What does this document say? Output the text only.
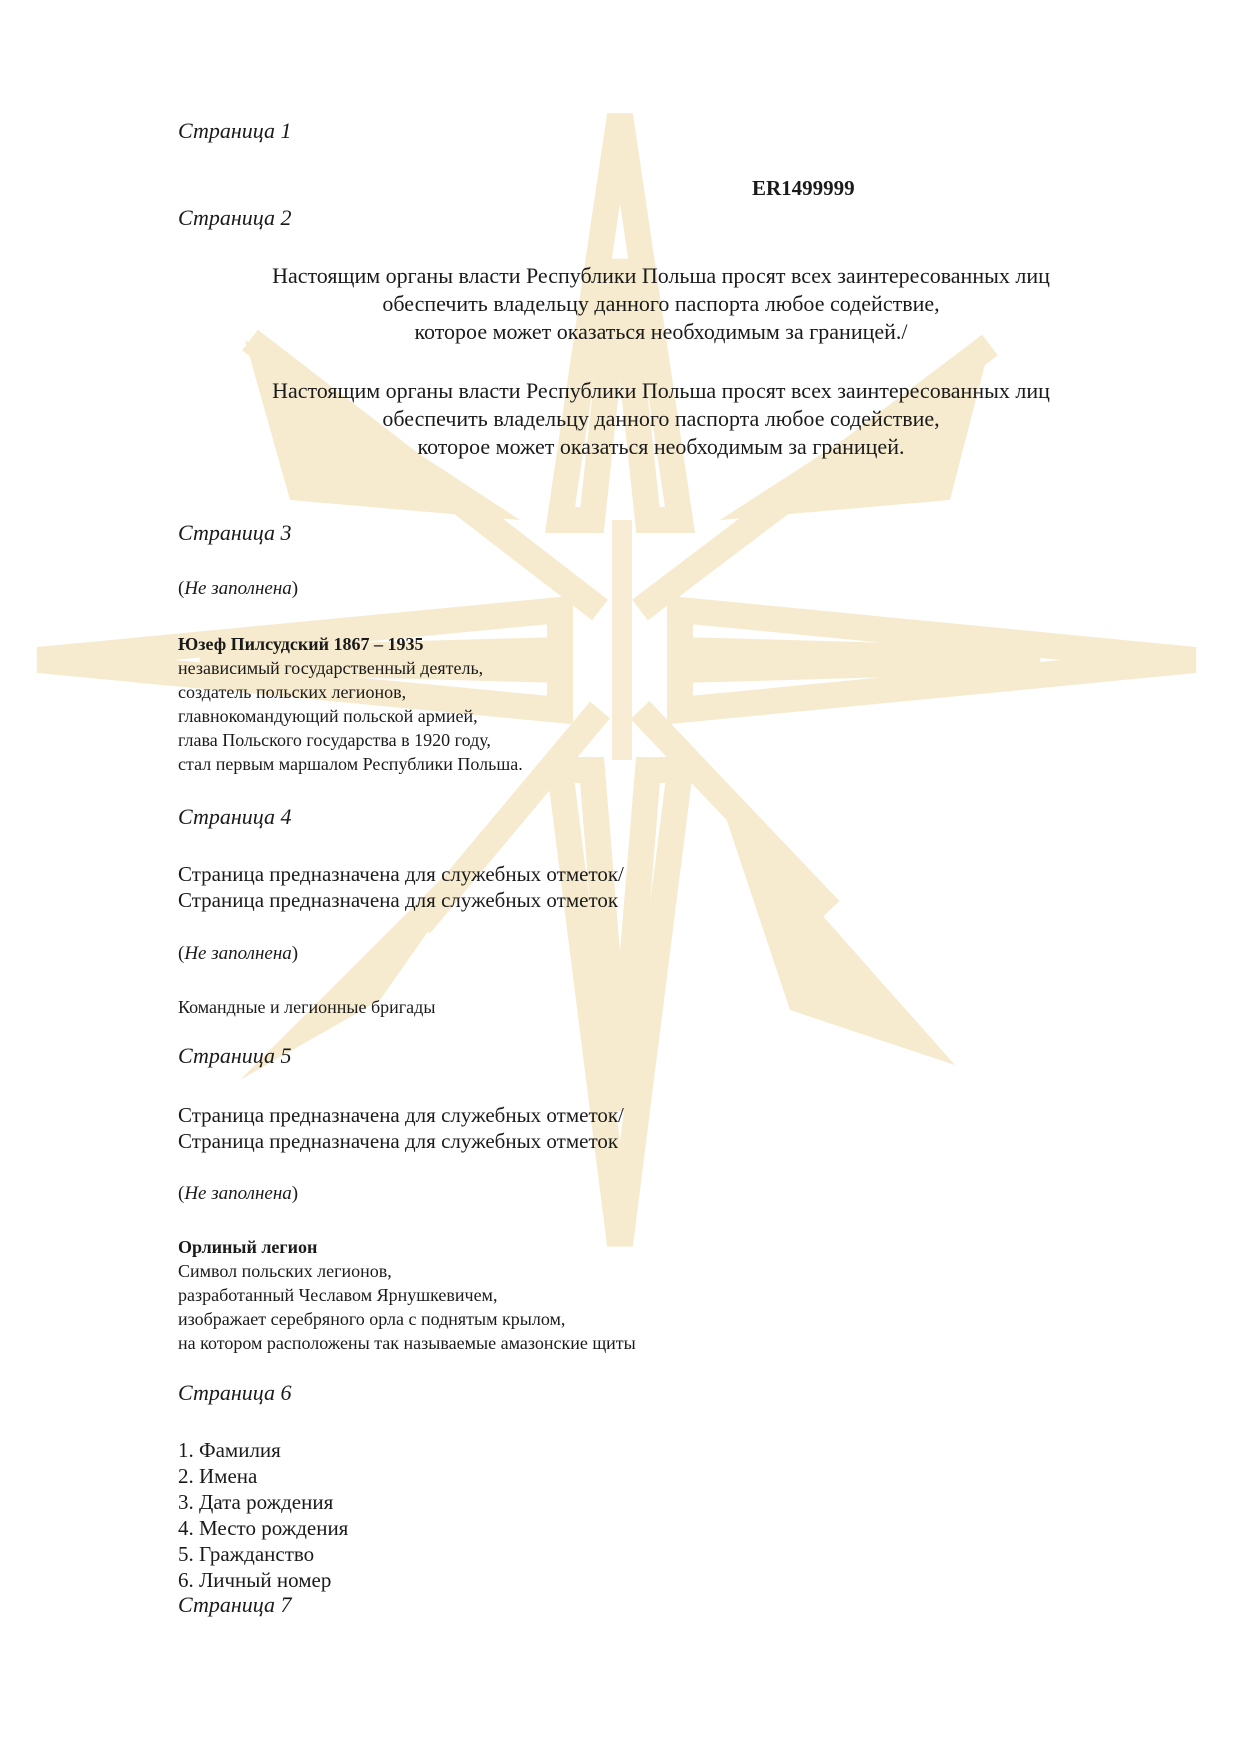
Страница 1
ER1499999
Страница 2
Настоящим органы власти Республики Польша просят всех заинтересованных лиц
обеспечить владельцу данного паспорта любое содействие,
которое может оказаться необходимым за границей./
Настоящим органы власти Республики Польша просят всех заинтересованных лиц
обеспечить владельцу данного паспорта любое содействие,
которое может оказаться необходимым за границей.
Страница 3
(Не заполнена)
Юзеф Пилсудский 1867 – 1935
независимый государственный деятель,
создатель польских легионов,
главнокомандующий польской армией,
глава Польского государства в 1920 году,
стал первым маршалом Республики Польша.
Страница 4
Страница предназначена для служебных отметок/
Страница предназначена для служебных отметок
(Не заполнена)
Командные и легионные бригады
Страница 5
Страница предназначена для служебных отметок/
Страница предназначена для служебных отметок
(Не заполнена)
Орлиный легион
Символ польских легионов,
разработанный Чеславом Ярнушкевичем,
изображает серебряного орла с поднятым крылом,
на котором расположены так называемые амазонские щиты
Страница 6
1. Фамилия
2. Имена
3. Дата рождения
4. Место рождения
5. Гражданство
6. Личный номер
Страница 7
